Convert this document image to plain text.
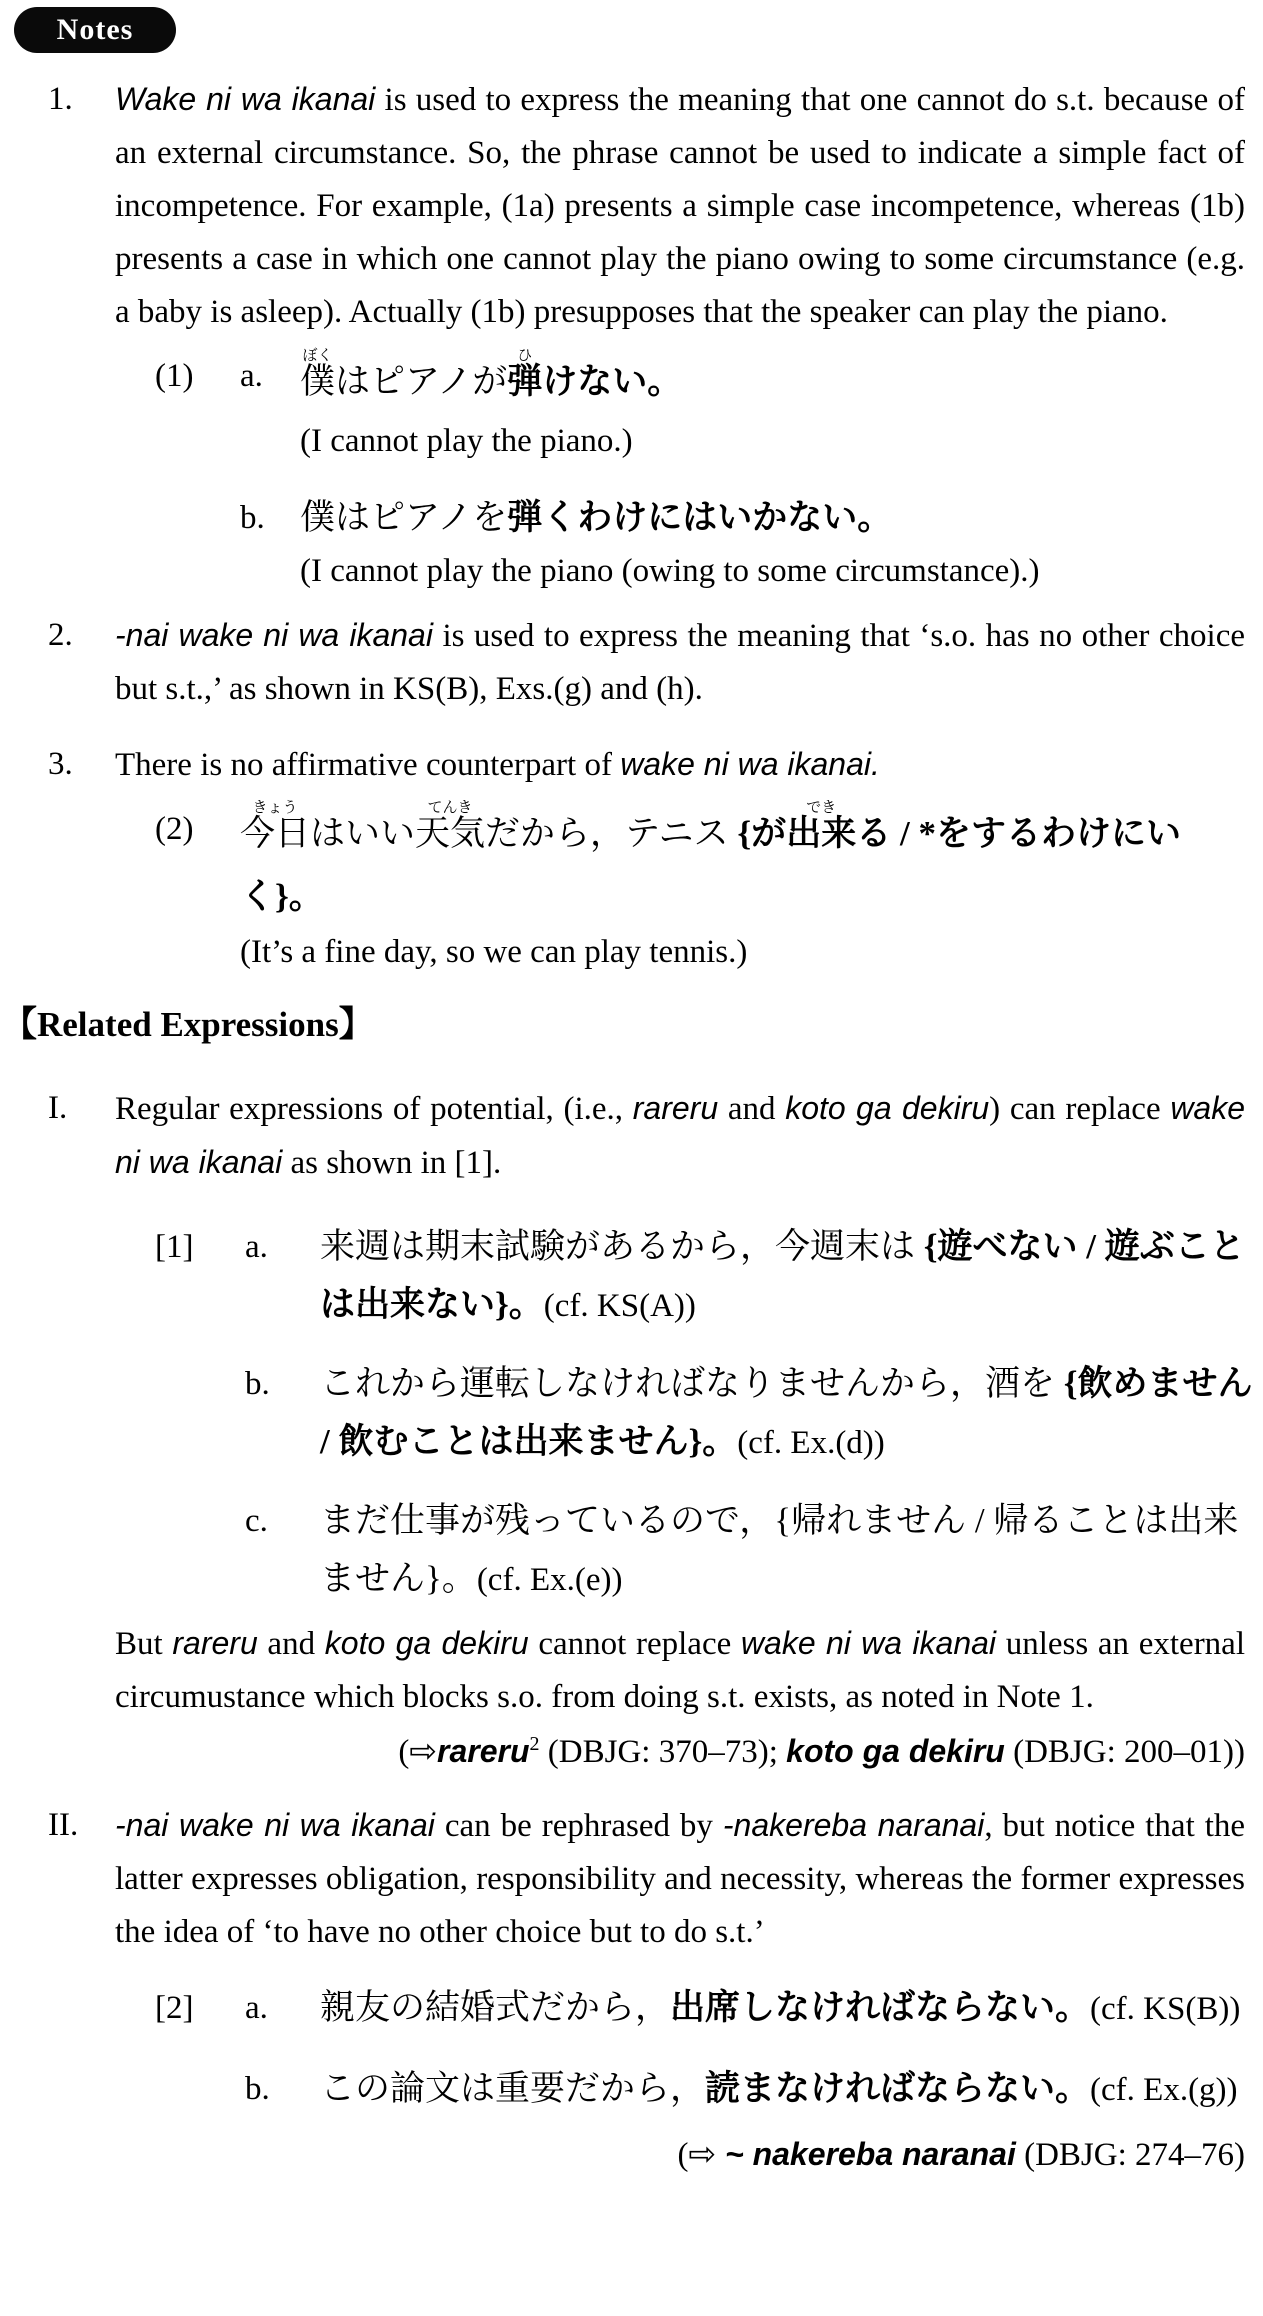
Notes
1.	Wake ni wa ikanai is used to express the meaning that one cannot do s.t. because of an external circumstance. So, the phrase cannot be used to indicate a simple fact of incompetence. For example, (1a) presents a simple case incompetence, whereas (1b) presents a case in which one cannot play the piano owing to some circumstance (e.g. a baby is asleep). Actually (1b) presupposes that the speaker can play the piano.
(1)	a.	僕ぼくはピアノが弾ひけない。
(I cannot play the piano.)
b.	僕はピアノを弾くわけにはいかない。
(I cannot play the piano (owing to some circumstance).)
2.	-nai wake ni wa ikanai is used to express the meaning that ‘s.o. has no other choice but s.t.,’ as shown in KS(B), Exs.(g) and (h).
3.	There is no affirmative counterpart of wake ni wa ikanai.
(2)	今日きょうはいい天気てんきだから，テニス {が出来できる / *をするわけにいく}。
(It’s a fine day, so we can play tennis.)
【Related Expressions】
I.	Regular expressions of potential, (i.e., rareru and koto ga dekiru) can replace wake ni wa ikanai as shown in [1].
[1]	a.	来週は期末試験があるから，今週末は {遊べない / 遊ぶことは出来ない}。(cf. KS(A))
b.	これから運転しなければなりませんから，酒を {飲めません / 飲むことは出来ません}。(cf. Ex.(d))
c.	まだ仕事が残っているので，{帰れません / 帰ることは出来ません}。(cf. Ex.(e))
But rareru and koto ga dekiru cannot replace wake ni wa ikanai unless an external circumustance which blocks s.o. from doing s.t. exists, as noted in Note 1.
(⇨rareru$^2$ (DBJG: 370–73); koto ga dekiru (DBJG: 200–01))
II.	-nai wake ni wa ikanai can be rephrased by -nakereba naranai, but notice that the latter expresses obligation, responsibility and necessity, whereas the former expresses the idea of ‘to have no other choice but to do s.t.’
[2]	a.	親友の結婚式だから，出席しなければならない。(cf. KS(B))
b.	この論文は重要だから，読まなければならない。(cf. Ex.(g))
(⇨ ~ nakereba naranai (DBJG: 274–76)
